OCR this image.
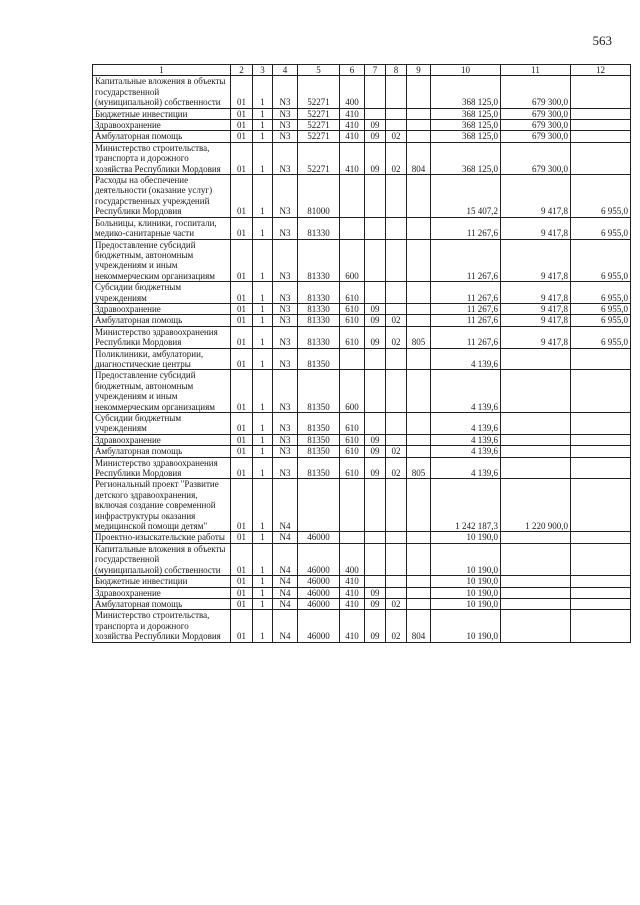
563
1	2	3	4	5	6	7	8	9	10	11	12
Капитальные вложения в объекты государственной (муниципальной) собственности	01	1	N3	52271	400				368 125,0	679 300,0	
Бюджетные инвестиции	01	1	N3	52271	410				368 125,0	679 300,0	
Здравоохранение	01	1	N3	52271	410	09			368 125,0	679 300,0	
Амбулаторная помощь	01	1	N3	52271	410	09	02		368 125,0	679 300,0	
Министерство строительства, транспорта и дорожного хозяйства Республики Мордовия	01	1	N3	52271	410	09	02	804	368 125,0	679 300,0	
Расходы на обеспечение деятельности (оказание услуг) государственных учреждений Республики Мордовия	01	1	N3	81000					15 407,2	9 417,8	6 955,0
Больницы, клиники, госпитали, медико-санитарные части	01	1	N3	81330					11 267,6	9 417,8	6 955,0
Предоставление субсидий бюджетным, автономным учреждениям и иным некоммерческим организациям	01	1	N3	81330	600				11 267,6	9 417,8	6 955,0
Субсидии бюджетным учреждениям	01	1	N3	81330	610				11 267,6	9 417,8	6 955,0
Здравоохранение	01	1	N3	81330	610	09			11 267,6	9 417,8	6 955,0
Амбулаторная помощь	01	1	N3	81330	610	09	02		11 267,6	9 417,8	6 955,0
Министерство здравоохранения Республики Мордовия	01	1	N3	81330	610	09	02	805	11 267,6	9 417,8	6 955,0
Поликлиники, амбулатории, диагностические центры	01	1	N3	81350					4 139,6		
Предоставление субсидий бюджетным, автономным учреждениям и иным некоммерческим организациям	01	1	N3	81350	600				4 139,6		
Субсидии бюджетным учреждениям	01	1	N3	81350	610				4 139,6		
Здравоохранение	01	1	N3	81350	610	09			4 139,6		
Амбулаторная помощь	01	1	N3	81350	610	09	02		4 139,6		
Министерство здравоохранения Республики Мордовия	01	1	N3	81350	610	09	02	805	4 139,6		
Региональный проект "Развитие детского здравоохранения, включая создание современной инфраструктуры оказания медицинской помощи детям"	01	1	N4						1 242 187,3	1 220 900,0	
Проектно-изыскательские работы	01	1	N4	46000					10 190,0		
Капитальные вложения в объекты государственной (муниципальной) собственности	01	1	N4	46000	400				10 190,0		
Бюджетные инвестиции	01	1	N4	46000	410				10 190,0		
Здравоохранение	01	1	N4	46000	410	09			10 190,0		
Амбулаторная помощь	01	1	N4	46000	410	09	02		10 190,0		
Министерство строительства, транспорта и дорожного хозяйства Республики Мордовия	01	1	N4	46000	410	09	02	804	10 190,0		
